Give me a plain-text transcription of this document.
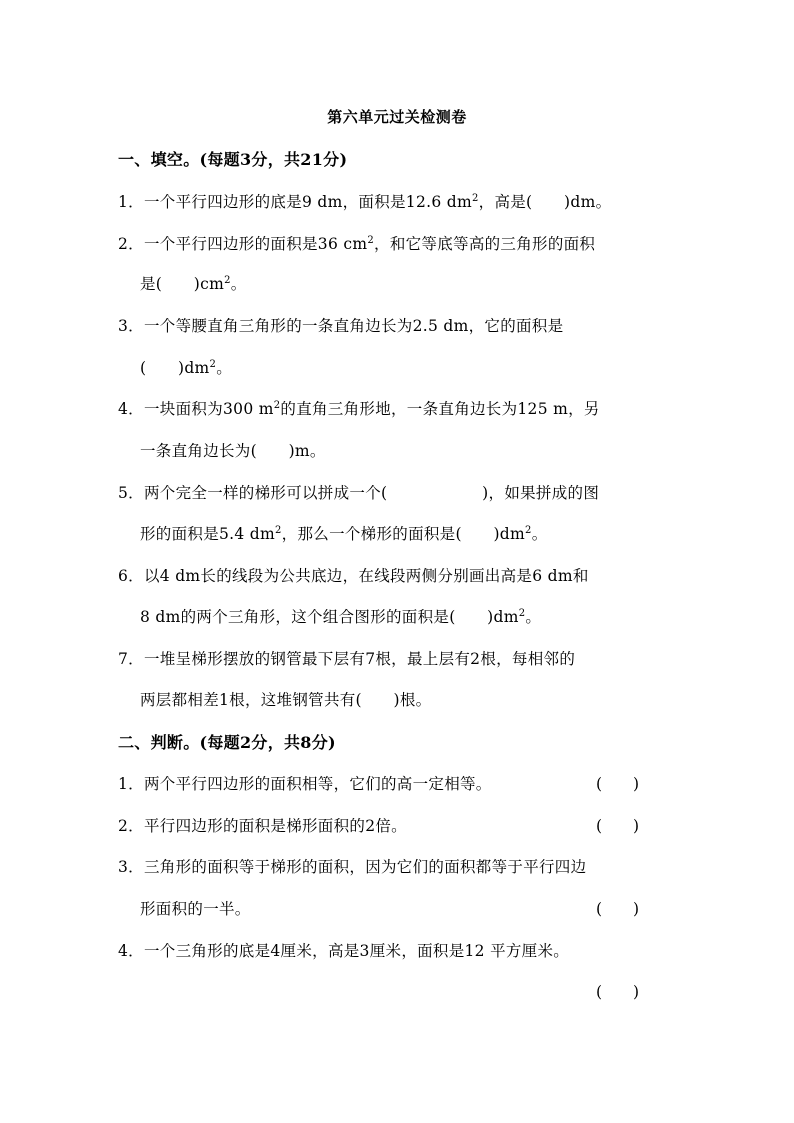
第六单元过关检测卷
一、填空。(每题3分，共21分)
1．一个平行四边形的底是9 dm，面积是12.6 $dm^2$，高是(　　 )dm。
2．一个平行四边形的面积是36 $cm^2$，和它等底等高的三角形的面积
是(　　 )$cm^2$。
3．一个等腰直角三角形的一条直角边长为2.5 dm，它的面积是
(　　 )$dm^2$。
4．一块面积为300 $m^2$的直角三角形地，一条直角边长为125 m，另
一条直角边长为(　　 )m。
5．两个完全一样的梯形可以拼成一个(　　　　　　	)，如果拼成的图
形的面积是5.4 $dm^2$，那么一个梯形的面积是(　　 )$dm^2$。
6．以4 dm长的线段为公共底边，在线段两侧分别画出高是6 dm和
8 dm的两个三角形，这个组合图形的面积是(　　 )$dm^2$。
7．一堆呈梯形摆放的钢管最下层有7根，最上层有2根，每相邻的
两层都相差1根，这堆钢管共有(　　 )根。
二、判断。(每题2分，共8分)
1．两个平行四边形的面积相等，它们的高一定相等。	(　　)
2．平行四边形的面积是梯形面积的2倍。	(　　)
3．三角形的面积等于梯形的面积，因为它们的面积都等于平行四边
形面积的一半。	(　　)
4．一个三角形的底是4厘米，高是3厘米，面积是12 平方厘米。
(　　)
